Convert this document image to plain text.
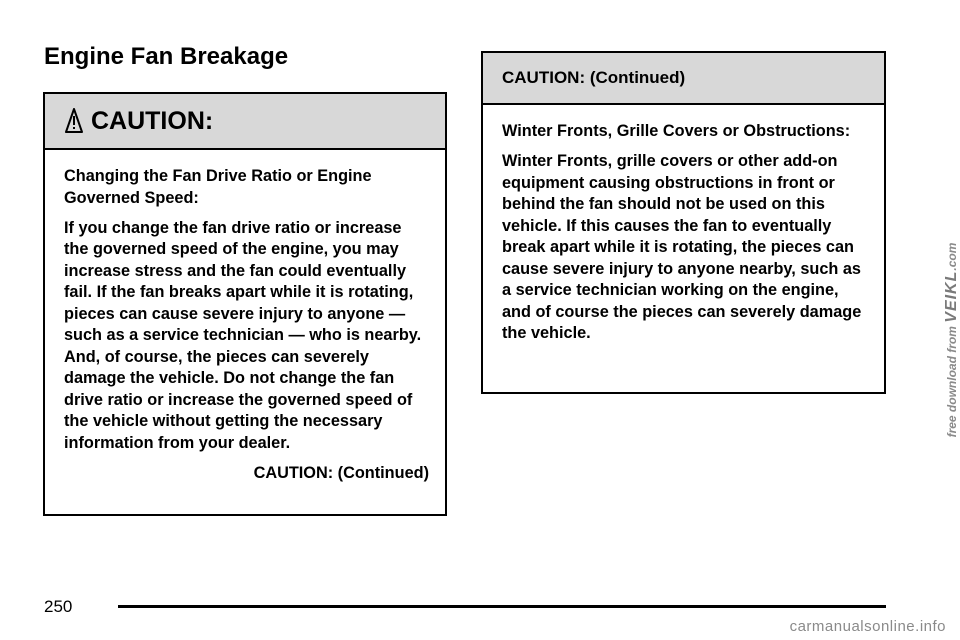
Engine Fan Breakage
CAUTION:

Changing the Fan Drive Ratio or Engine Governed Speed:

If you change the fan drive ratio or increase the governed speed of the engine, you may increase stress and the fan could eventually fail. If the fan breaks apart while it is rotating, pieces can cause severe injury to anyone — such as a service technician — who is nearby. And, of course, the pieces can severely damage the vehicle. Do not change the fan drive ratio or increase the governed speed of the vehicle without getting the necessary information from your dealer.

CAUTION: (Continued)

CAUTION: (Continued)

Winter Fronts, Grille Covers or Obstructions:

Winter Fronts, grille covers or other add-on equipment causing obstructions in front or behind the fan should not be used on this vehicle. If this causes the fan to eventually break apart while it is rotating, the pieces can cause severe injury to anyone nearby, such as a service technician working on the engine, and of course the pieces can severely damage the vehicle.

250
free download from VEIKL.com
carmanualsonline.info
